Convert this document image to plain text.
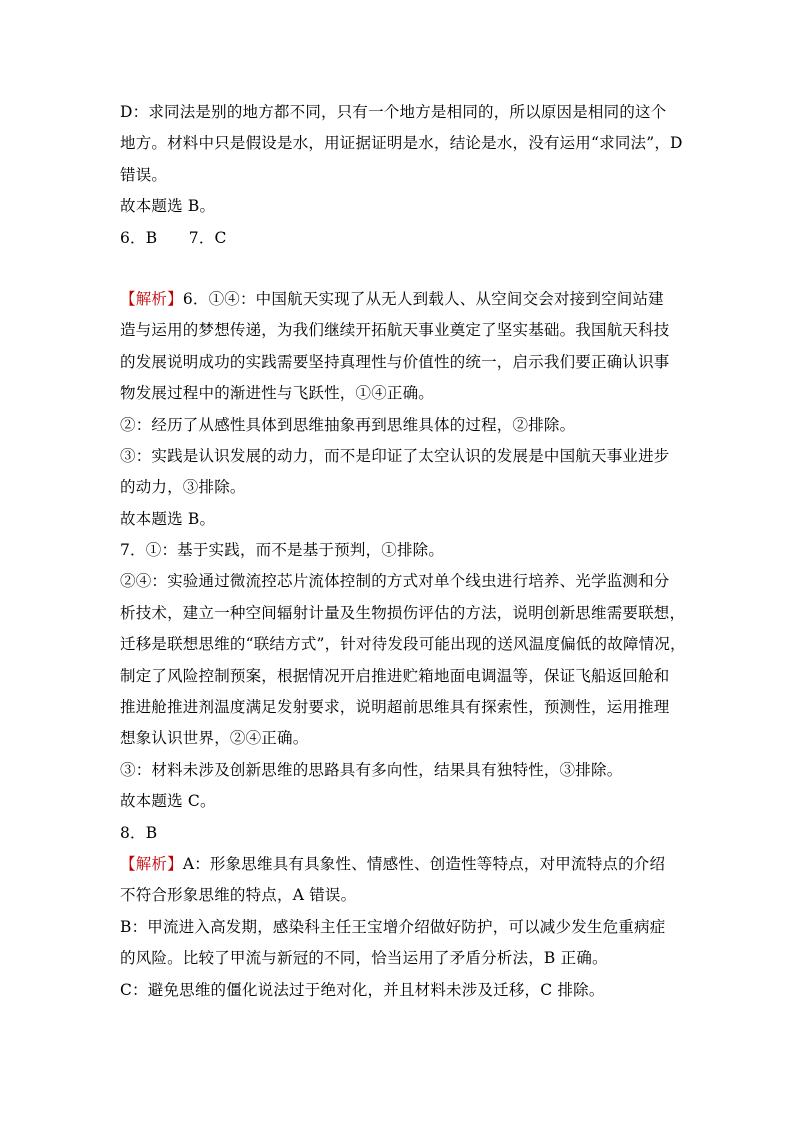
D：求同法是别的地方都不同，只有一个地方是相同的，所以原因是相同的这个
地方。材料中只是假设是水，用证据证明是水，结论是水，没有运用“求同法”，D
错误。
故本题选 B。
6．B　　7．C
【解析】6．①④：中国航天实现了从无人到载人、从空间交会对接到空间站建
造与运用的梦想传递，为我们继续开拓航天事业奠定了坚实基础。我国航天科技
的发展说明成功的实践需要坚持真理性与价值性的统一，启示我们要正确认识事
物发展过程中的渐进性与飞跃性，①④正确。
②：经历了从感性具体到思维抽象再到思维具体的过程，②排除。
③：实践是认识发展的动力，而不是印证了太空认识的发展是中国航天事业进步
的动力，③排除。
故本题选 B。
7．①：基于实践，而不是基于预判，①排除。
②④：实验通过微流控芯片流体控制的方式对单个线虫进行培养、光学监测和分
析技术，建立一种空间辐射计量及生物损伤评估的方法，说明创新思维需要联想，
迁移是联想思维的“联结方式”，针对待发段可能出现的送风温度偏低的故障情况，
制定了风险控制预案，根据情况开启推进贮箱地面电调温等，保证飞船返回舱和
推进舱推进剂温度满足发射要求，说明超前思维具有探索性，预测性，运用推理
想象认识世界，②④正确。
③：材料未涉及创新思维的思路具有多向性，结果具有独特性，③排除。
故本题选 C。
8．B
【解析】A：形象思维具有具象性、情感性、创造性等特点，对甲流特点的介绍
不符合形象思维的特点，A 错误。
B：甲流进入高发期，感染科主任王宝增介绍做好防护，可以减少发生危重病症
的风险。比较了甲流与新冠的不同，恰当运用了矛盾分析法，B 正确。
C：避免思维的僵化说法过于绝对化，并且材料未涉及迁移，C 排除。
